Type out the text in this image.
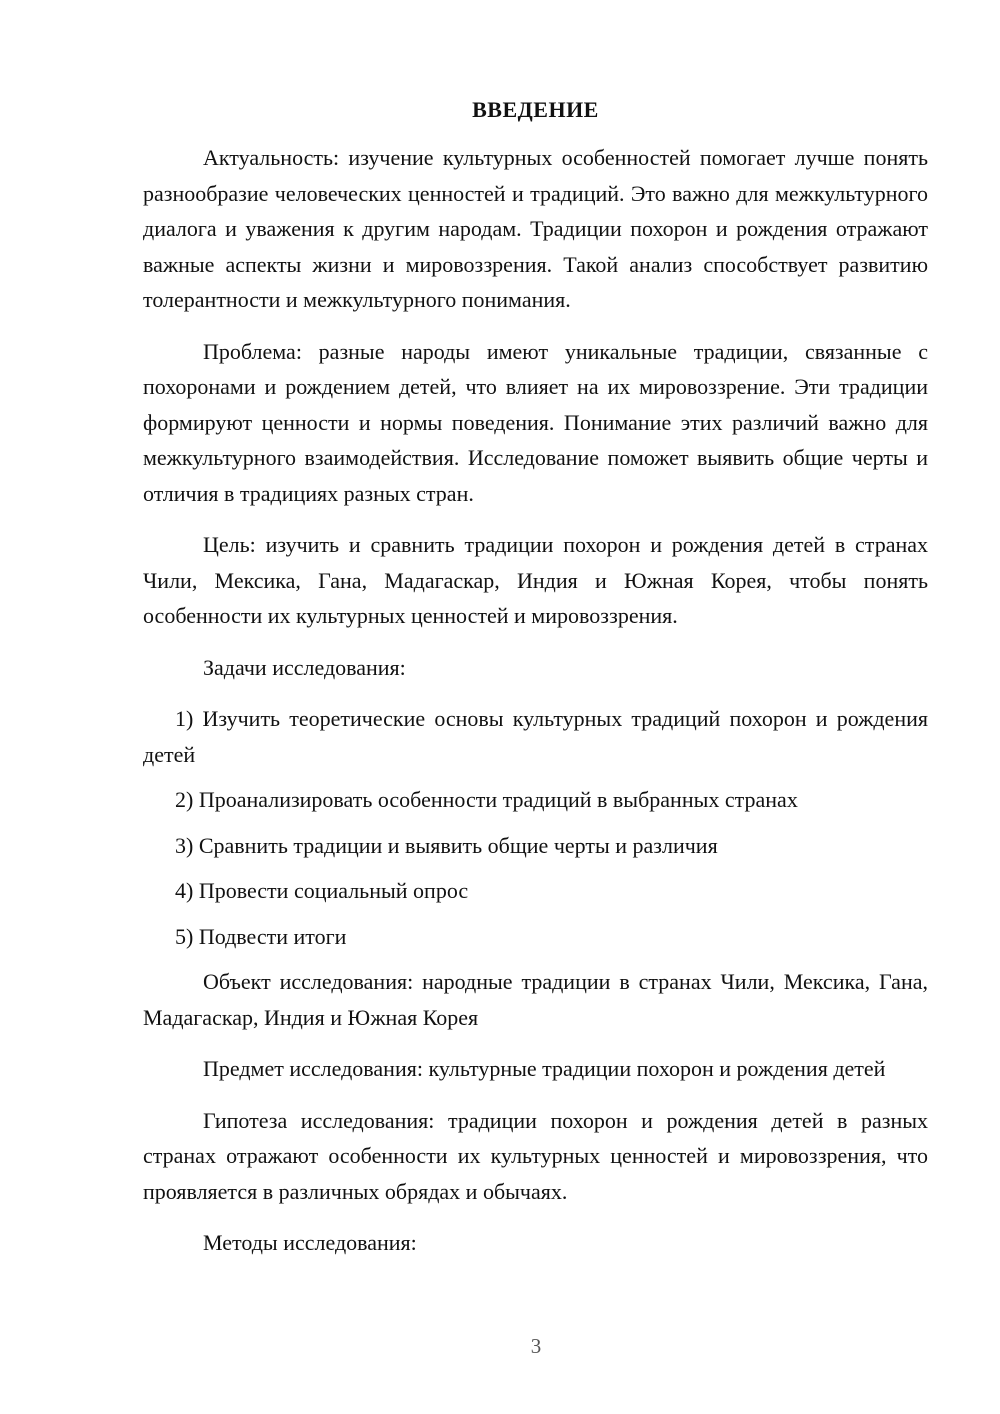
ВВЕДЕНИЕ

Актуальность: изучение культурных особенностей помогает лучше понять разнообразие человеческих ценностей и традиций. Это важно для межкультурного диалога и уважения к другим народам. Традиции похорон и рождения отражают важные аспекты жизни и мировоззрения. Такой анализ способствует развитию толерантности и межкультурного понимания.

Проблема: разные народы имеют уникальные традиции, связанные с похоронами и рождением детей, что влияет на их мировоззрение. Эти традиции формируют ценности и нормы поведения. Понимание этих различий важно для межкультурного взаимодействия. Исследование поможет выявить общие черты и отличия в традициях разных стран.

Цель: изучить и сравнить традиции похорон и рождения детей в странах Чили, Мексика, Гана, Мадагаскар, Индия и Южная Корея, чтобы понять особенности их культурных ценностей и мировоззрения.

Задачи исследования:

1) Изучить теоретические основы культурных традиций похорон и рождения детей

2) Проанализировать особенности традиций в выбранных странах

3) Сравнить традиции и выявить общие черты и различия

4) Провести социальный опрос

5) Подвести итоги

Объект исследования: народные традиции в странах Чили, Мексика, Гана, Мадагаскар, Индия и Южная Корея

Предмет исследования: культурные традиции похорон и рождения детей

Гипотеза исследования: традиции похорон и рождения детей в разных странах отражают особенности их культурных ценностей и мировоззрения, что проявляется в различных обрядах и обычаях.

Методы исследования:

3
